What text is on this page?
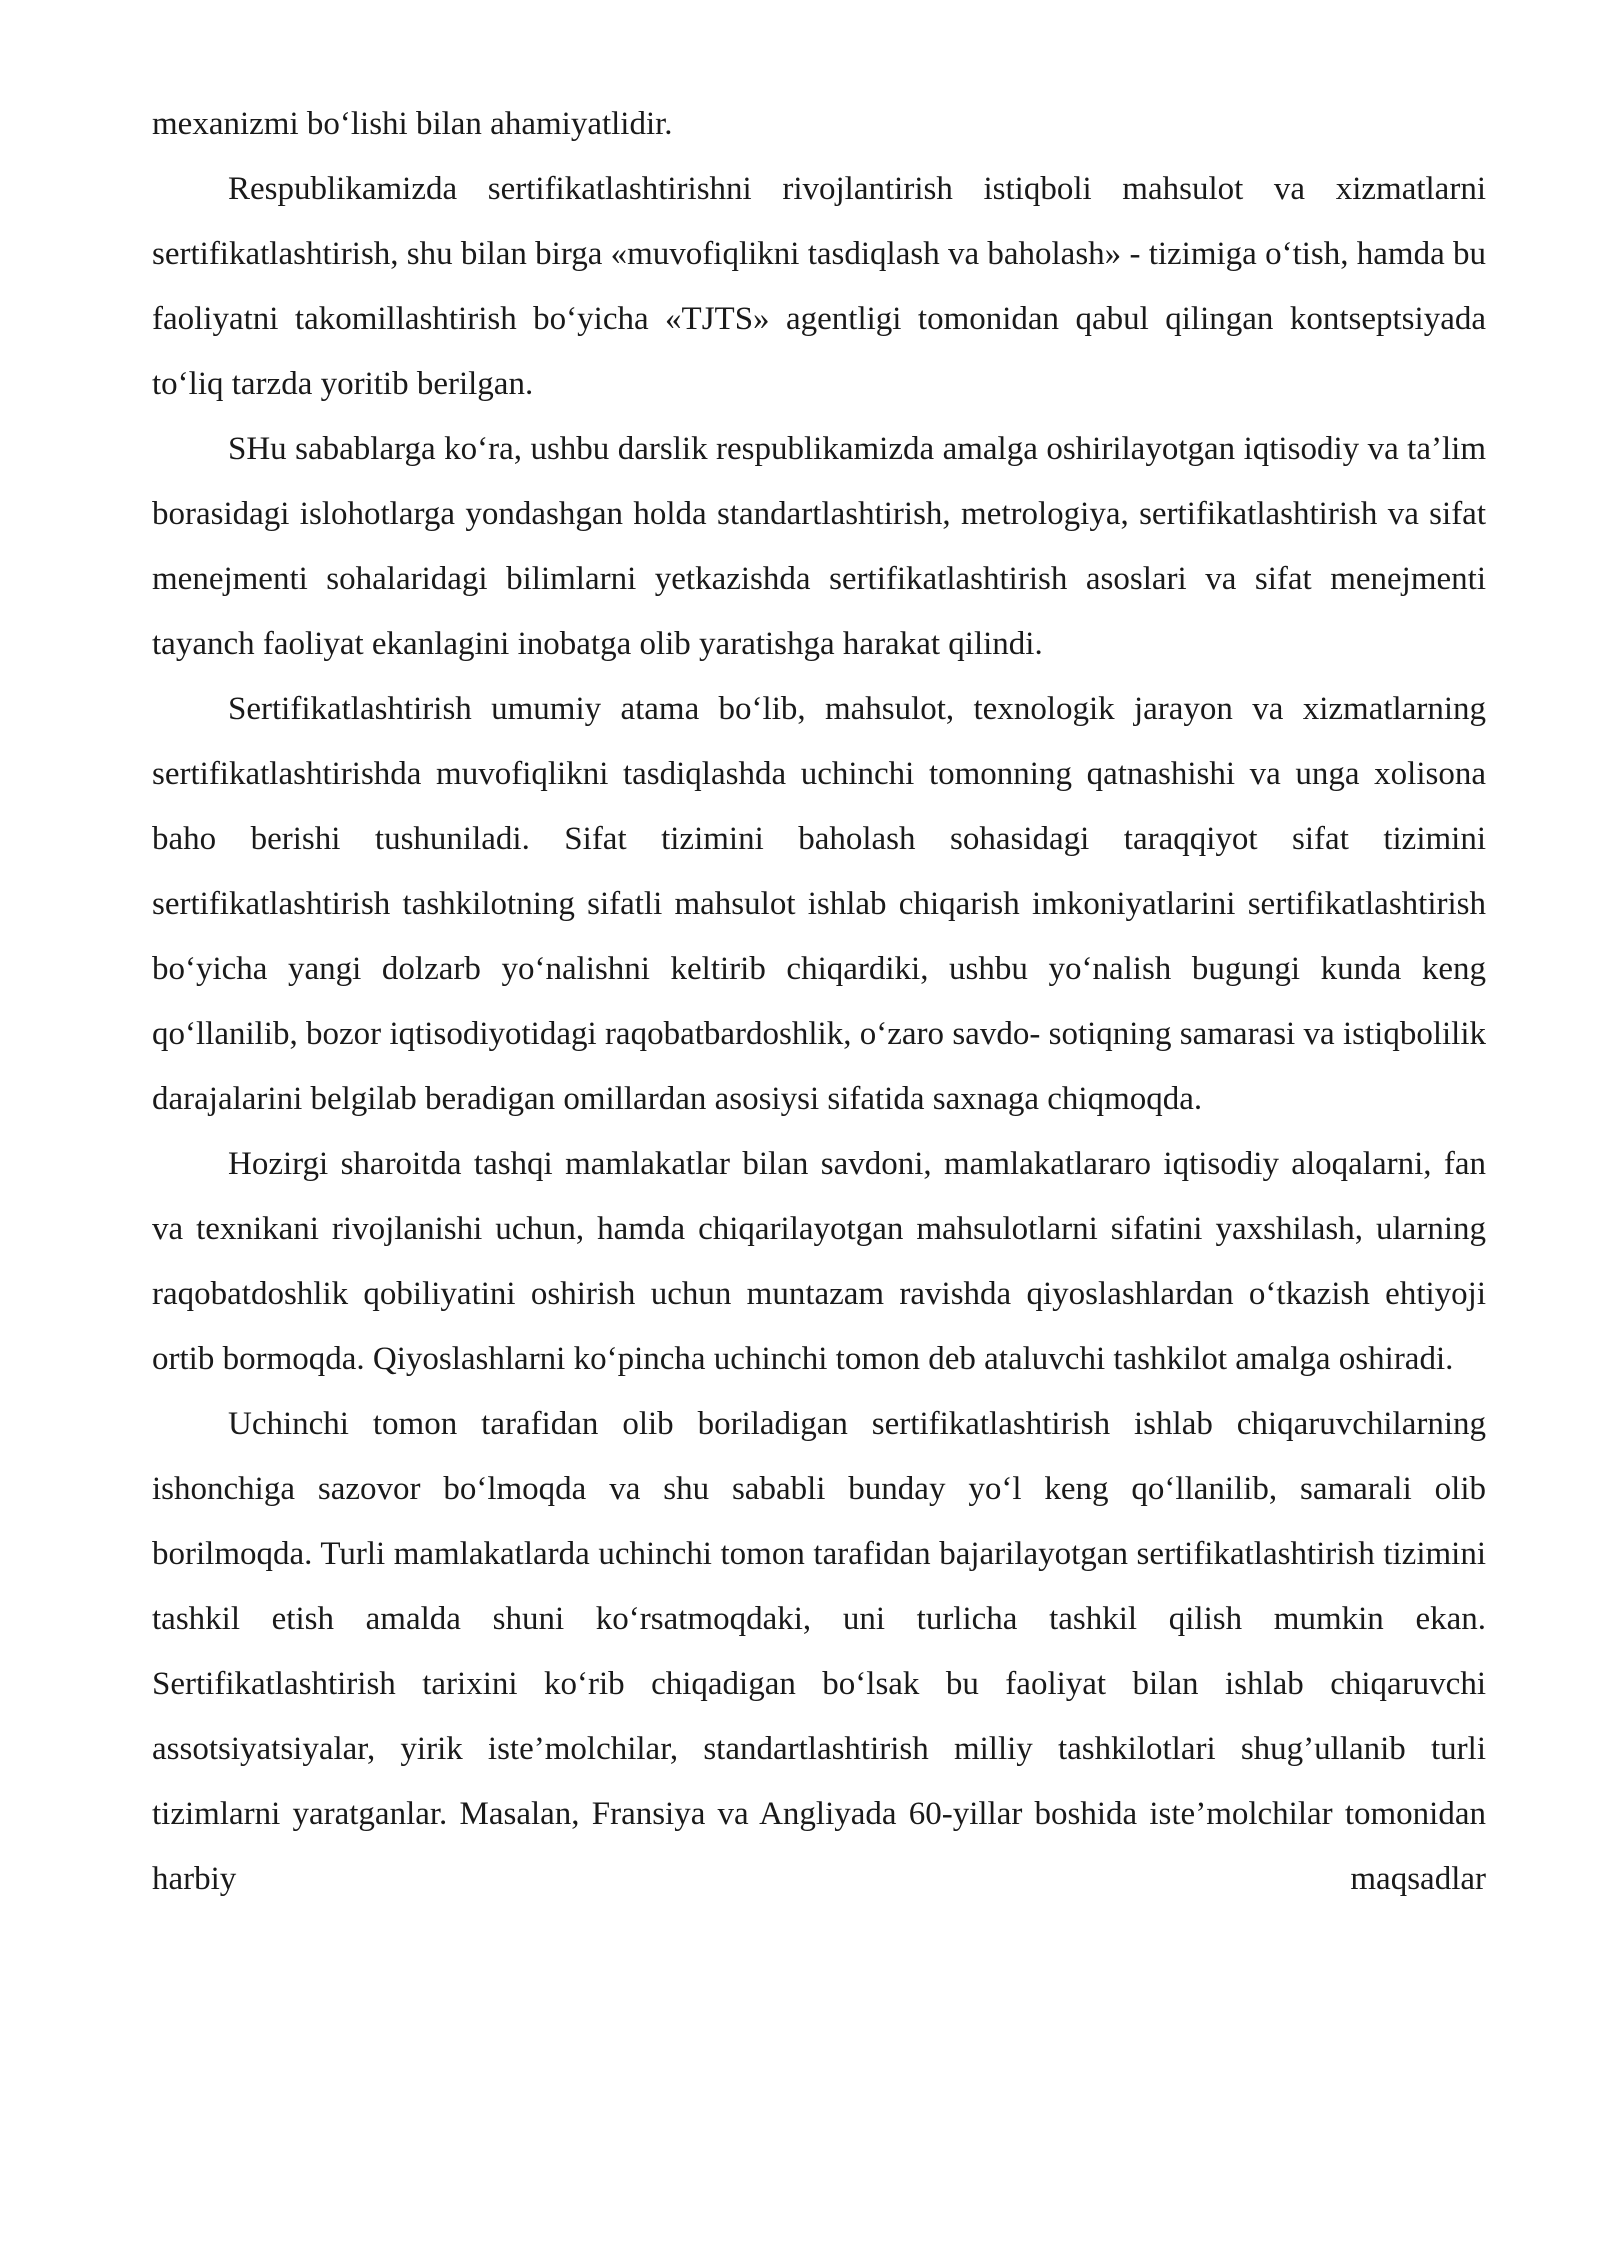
mexanizmi bo‘lishi bilan ahamiyatlidir.

Respublikamizda sertifikatlashtirishni rivojlantirish istiqboli mahsulot va xizmatlarni sertifikatlashtirish, shu bilan birga «muvofiqlikni tasdiqlash va baholash» - tizimiga o‘tish, hamda bu faoliyatni takomillashtirish bo‘yicha «TJTS» agentligi tomonidan qabul qilingan kontseptsiyada to‘liq tarzda yoritib berilgan.

SHu sabablarga ko‘ra, ushbu darslik respublikamizda amalga oshirilayotgan iqtisodiy va ta’lim borasidagi islohotlarga yondashgan holda standartlashtirish, metrologiya, sertifikatlashtirish va sifat menejmenti sohalaridagi bilimlarni yetkazishda sertifikatlashtirish asoslari va sifat menejmenti tayanch faoliyat ekanlagini inobatga olib yaratishga harakat qilindi.

Sertifikatlashtirish umumiy atama bo‘lib, mahsulot, texnologik jarayon va xizmatlarning sertifikatlashtirishda muvofiqlikni tasdiqlashda uchinchi tomonning qatnashishi va unga xolisona baho berishi tushuniladi. Sifat tizimini baholash sohasidagi taraqqiyot sifat tizimini sertifikatlashtirish tashkilotning sifatli mahsulot ishlab chiqarish imkoniyatlarini sertifikatlashtirish bo‘yicha yangi dolzarb yo‘nalishni keltirib chiqardiki, ushbu yo‘nalish bugungi kunda keng qo‘llanilib, bozor iqtisodiyotidagi raqobatbardoshlik, o‘zaro savdo- sotiqning samarasi va istiqbolilik darajalarini belgilab beradigan omillardan asosiysi sifatida saxnaga chiqmoqda.

Hozirgi sharoitda tashqi mamlakatlar bilan savdoni, mamlakatlararo iqtisodiy aloqalarni, fan va texnikani rivojlanishi uchun, hamda chiqarilayotgan mahsulotlarni sifatini yaxshilash, ularning raqobatdoshlik qobiliyatini oshirish uchun muntazam ravishda qiyoslashlardan o‘tkazish ehtiyoji ortib bormoqda. Qiyoslashlarni ko‘pincha uchinchi tomon deb ataluvchi tashkilot amalga oshiradi.

Uchinchi tomon tarafidan olib boriladigan sertifikatlashtirish ishlab chiqaruvchilarning ishonchiga sazovor bo‘lmoqda va shu sababli bunday yo‘l keng qo‘llanilib, samarali olib borilmoqda. Turli mamlakatlarda uchinchi tomon tarafidan bajarilayotgan sertifikatlashtirish tizimini tashkil etish amalda shuni ko‘rsatmoqdaki, uni turlicha tashkil qilish mumkin ekan. Sertifikatlashtirish tarixini ko‘rib chiqadigan bo‘lsak bu faoliyat bilan ishlab chiqaruvchi assotsiyatsiyalar, yirik iste’molchilar, standartlashtirish milliy tashkilotlari shug’ullanib turli tizimlarni yaratganlar. Masalan, Fransiya va Angliyada 60-yillar boshida iste’molchilar tomonidan harbiy maqsadlar
